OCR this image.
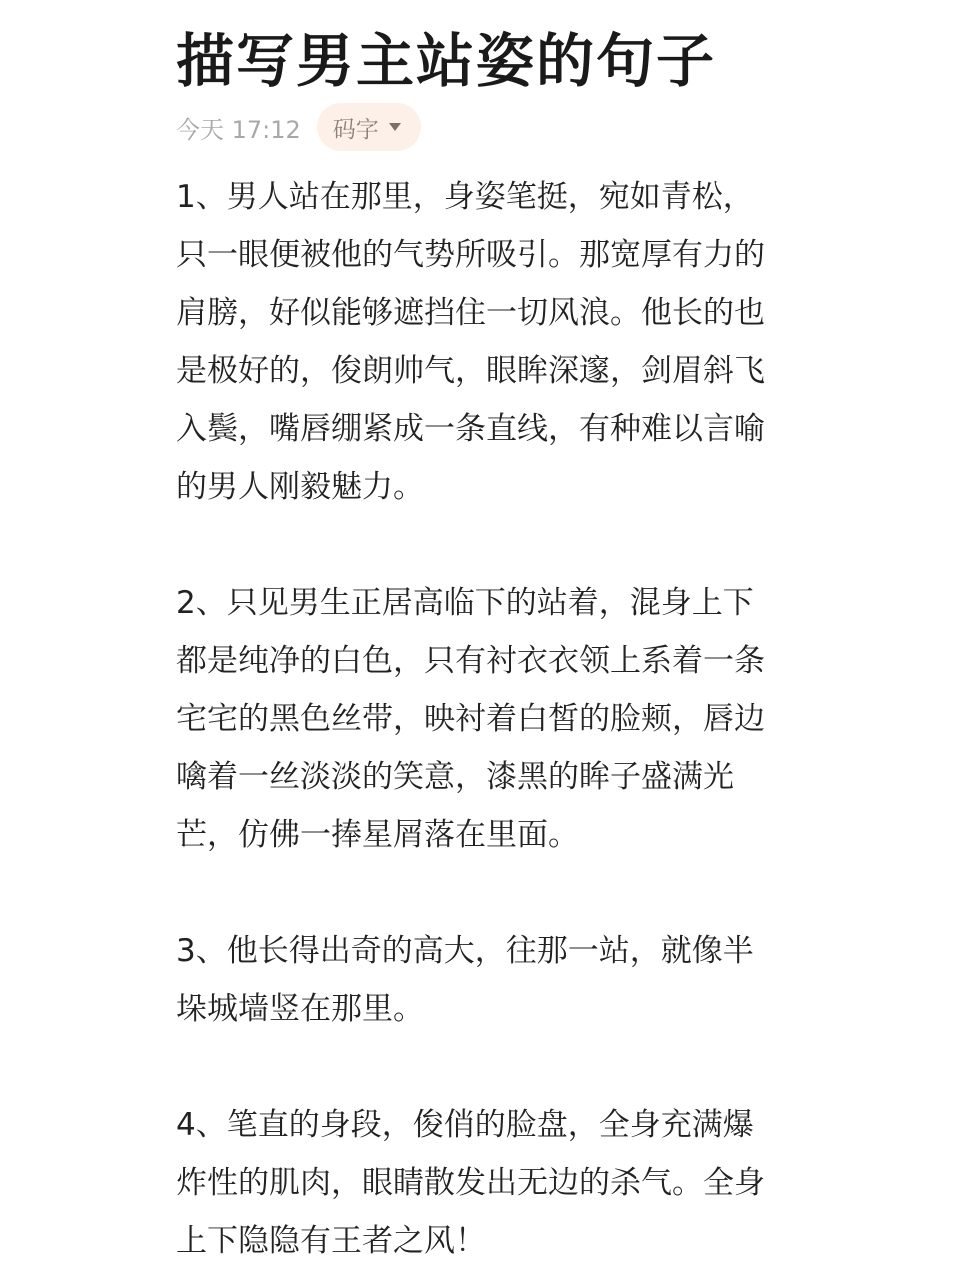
描写男主站姿的句子
今天 17:12 码字
1、男人站在那里，身姿笔挺，宛如青松，
只一眼便被他的气势所吸引。那宽厚有力的
肩膀，好似能够遮挡住一切风浪。他长的也
是极好的，俊朗帅气，眼眸深邃，剑眉斜飞
入鬓，嘴唇绷紧成一条直线，有种难以言喻
的男人刚毅魅力。
2、只见男生正居高临下的站着，混身上下
都是纯净的白色，只有衬衣衣领上系着一条
宅宅的黑色丝带，映衬着白皙的脸颊，唇边
噙着一丝淡淡的笑意，漆黑的眸子盛满光
芒，仿佛一捧星屑落在里面。
3、他长得出奇的高大，往那一站，就像半
垛城墙竖在那里。
4、笔直的身段，俊俏的脸盘，全身充满爆
炸性的肌肉，眼睛散发出无边的杀气。全身
上下隐隐有王者之风！
